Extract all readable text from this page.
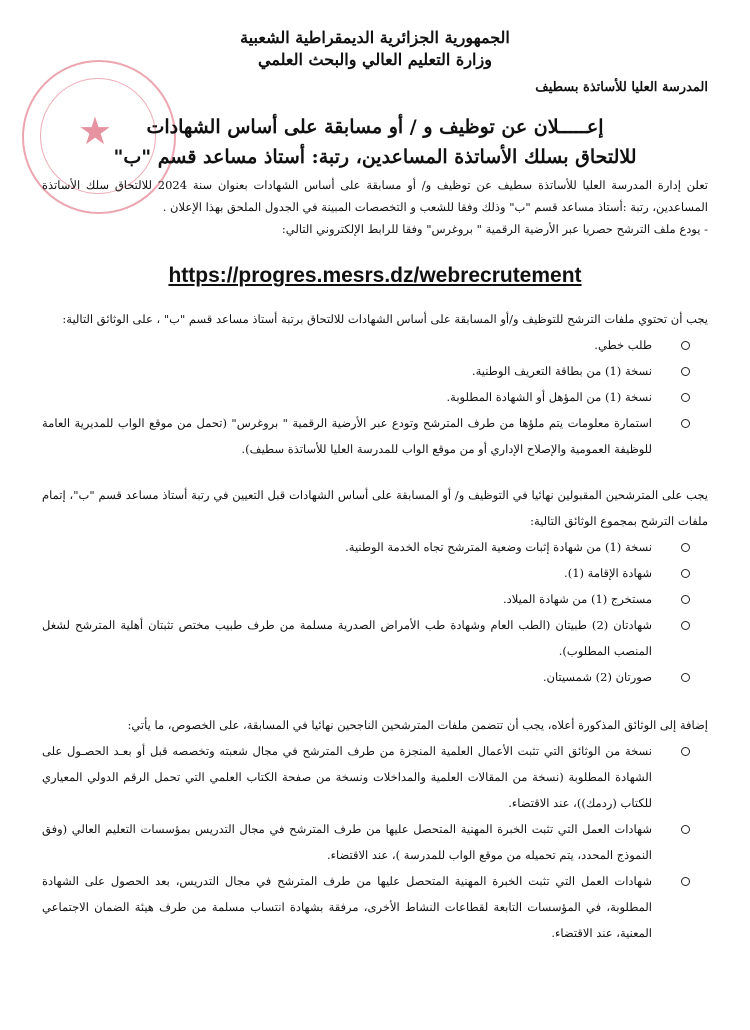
★
الجمهورية الجزائرية الديمقراطية الشعبية
وزارة التعليم العالي والبحث العلمي
المدرسة العليا للأساتذة بسطيف
إعـــــلان عن توظيف و / أو مسابقة على أساس الشهادات
للالتحاق بسلك الأساتذة المساعدين، رتبة: أستاذ مساعد قسم "ب"

تعلن إدارة المدرسة العليا للأساتذة سطيف عن توظيف و/ أو مسابقة على أساس الشهادات بعنوان سنة 2024 للالتحاق سلك الأساتذة المساعدين، رتبة :أستاذ مساعد قسم "ب" وذلك وفقا للشعب و التخصصات المبينة في الجدول الملحق بهذا الإعلان .

- يودع ملف الترشح حصريا عبر الأرضية الرقمية " بروغرس" وفقا للرابط الإلكتروني التالي:

https://progres.mesrs.dz/webrecrutement

يجب أن تحتوي ملفات الترشح للتوظيف و/أو المسابقة على أساس الشهادات للالتحاق برتبة أستاذ مساعد قسم "ب" ، على الوثائق التالية:

طلب خطي.
نسخة (1) من بطاقة التعريف الوطنية.
نسخة (1) من المؤهل أو الشهادة المطلوبة.
استمارة معلومات يتم ملؤها من طرف المترشح وتودع عبر الأرضية الرقمية " بروغرس" (تحمل من موقع الواب للمديرية العامة للوظيفة العمومية والإصلاح الإداري أو من موقع الواب للمدرسة العليا للأساتذة سطيف).

يجب على المترشحين المقبولين نهائيا في التوظيف و/ أو المسابقة على أساس الشهادات قبل التعيين في رتبة أستاذ مساعد قسم "ب"، إتمام ملفات الترشح بمجموع الوثائق التالية:

نسخة (1) من شهادة إثبات وضعية المترشح تجاه الخدمة الوطنية.
شهادة الإقامة (1).
مستخرج (1) من شهادة الميلاد.
شهادتان (2) طبيتان (الطب العام وشهادة طب الأمراض الصدرية مسلمة من طرف طبيب مختص تثبتان أهلية المترشح لشغل المنصب المطلوب).
صورتان (2) شمسيتان.

إضافة إلى الوثائق المذكورة أعلاه، يجب أن تتضمن ملفات المترشحين الناجحين نهائيا في المسابقة، على الخصوص، ما يأتي:

نسخة من الوثائق التي تثبت الأعمال العلمية المنجزة من طرف المترشح في مجال شعبته وتخصصه قبل أو بعـد الحصـول على الشهادة المطلوبة (نسخة من المقالات العلمية والمداخلات ونسخة من صفحة الكتاب العلمي التي تحمل الرقم الدولي المعياري للكتاب (ردمك))، عند الاقتضاء.
شهادات العمل التي تثبت الخبرة المهنية المتحصل عليها من طرف المترشح في مجال التدريس بمؤسسات التعليم العالي (وفق النموذج المحدد، يتم تحميله من موقع الواب للمدرسة )، عند الاقتضاء.
شهادات العمل التي تثبت الخبرة المهنية المتحصل عليها من طرف المترشح في مجال التدريس، بعد الحصول على الشهادة المطلوبة، في المؤسسات التابعة لقطاعات النشاط الأخرى، مرفقة بشهادة انتساب مسلمة من طرف هيئة الضمان الاجتماعي المعنية، عند الاقتضاء.
